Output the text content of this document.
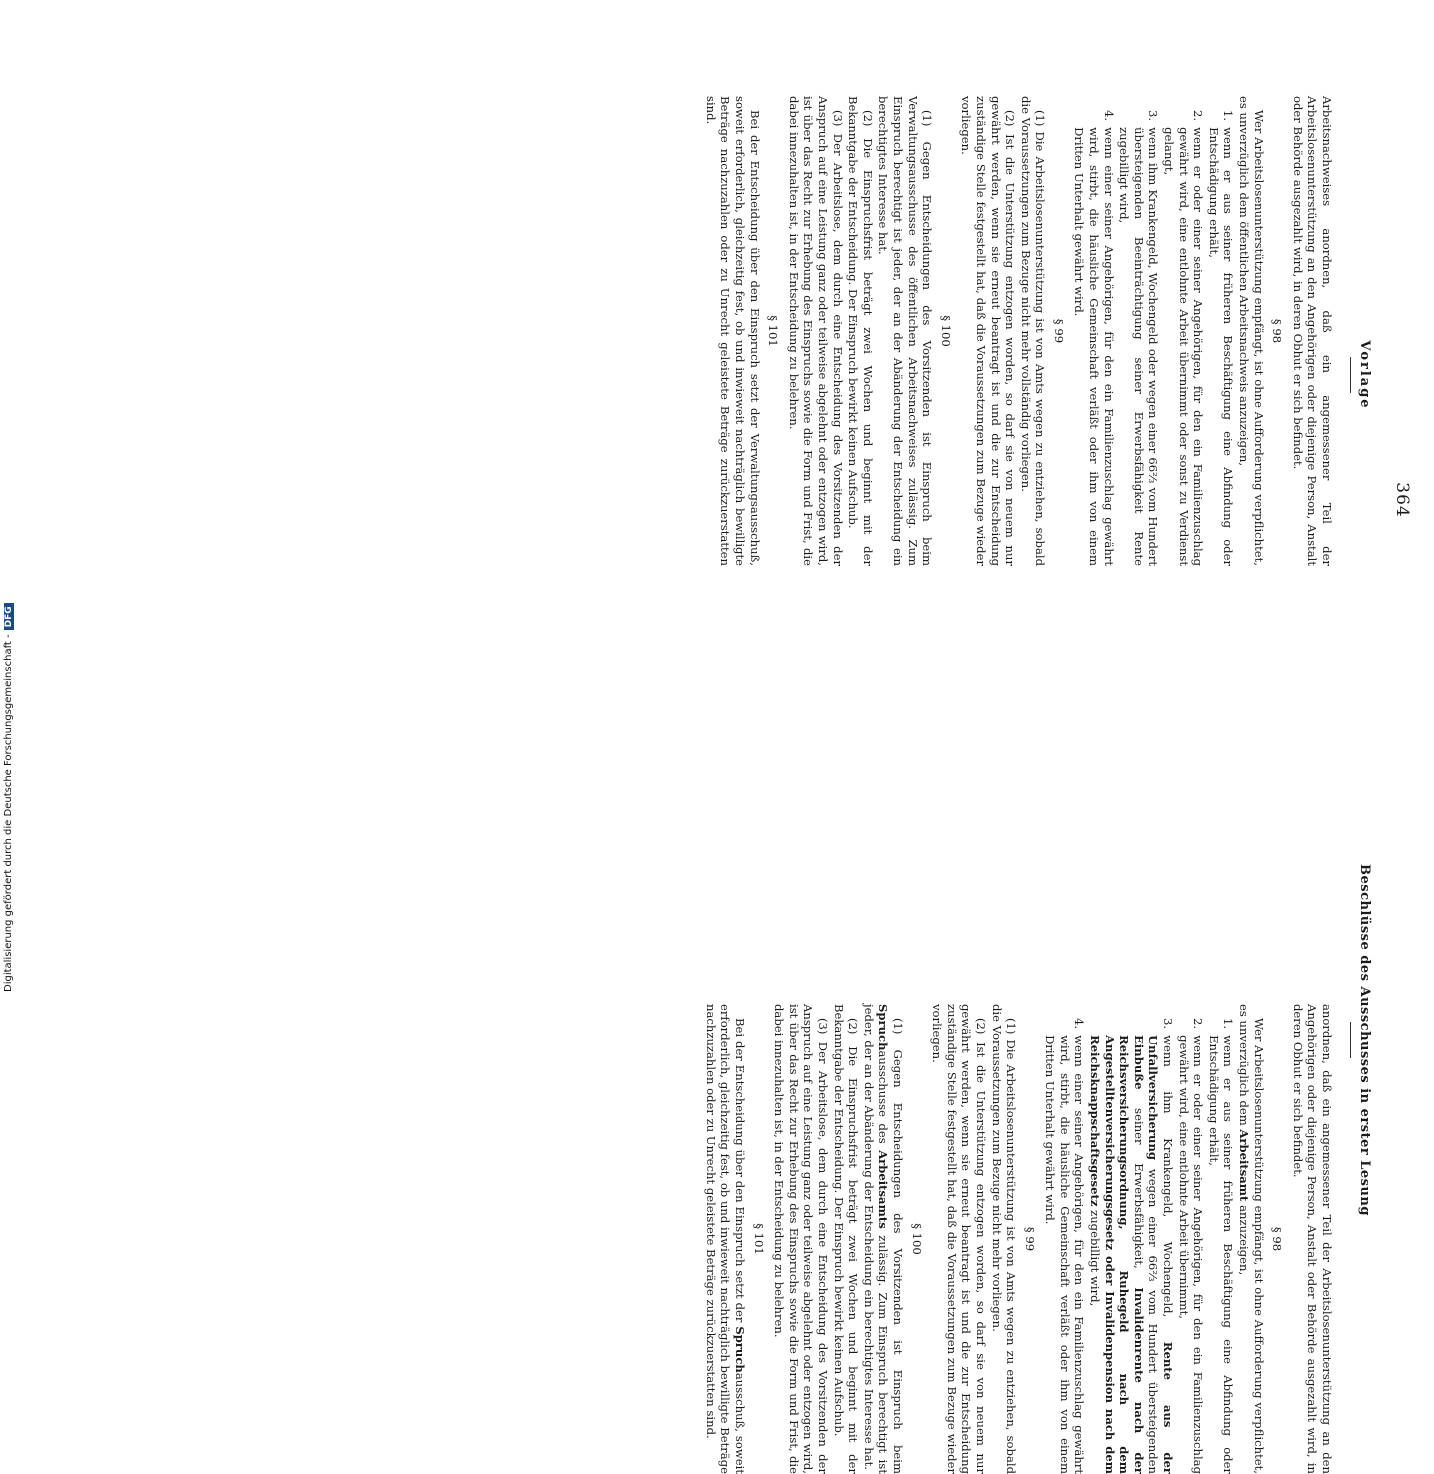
364
Vorlage
Beschlüsse des Ausschusses in erster Lesung

Arbeitsnachweises anordnen, daß ein angemessener Teil der Arbeitslosenunterstützung an den Angehörigen oder diejenige Person, Anstalt oder Behörde ausgezahlt wird, in deren Obhut er sich befindet.

§ 98

Wer Arbeitslosenunterstützung empfängt, ist ohne Aufforderung verpflichtet, es unverzüglich dem öffentlichen Arbeitsnachweis anzuzeigen,

1.
wenn er aus seiner früheren Beschäftigung eine Abfindung oder Entschädigung erhält,
2.
wenn er oder einer seiner Angehörigen, für den ein Familienzuschlag gewährt wird, eine entlohnte Arbeit übernimmt oder sonst zu Verdienst gelangt,
3.
wenn ihm Krankengeld, Wochengeld oder wegen einer 66⅔ vom Hundert übersteigenden Beeinträchtigung seiner Erwerbsfähigkeit Rente zugebilligt wird,
4.
wenn einer seiner Angehörigen, für den ein Familienzuschlag gewährt wird, stirbt, die häusliche Gemeinschaft verläßt oder ihm von einem Dritten Unterhalt gewährt wird.
§ 99

(1) Die Arbeitslosenunterstützung ist von Amts wegen zu entziehen, sobald die Voraussetzungen zum Bezuge nicht mehr vollständig vorliegen.

(2) Ist die Unterstützung entzogen worden, so darf sie von neuem nur gewährt werden, wenn sie erneut beantragt ist und die zur Entscheidung zuständige Stelle festgestellt hat, daß die Voraussetzungen zum Bezuge wieder vorliegen.

§ 100

(1) Gegen Entscheidungen des Vorsitzenden ist Einspruch beim Verwaltungsausschusse des öffentlichen Arbeitsnachweises zulässig. Zum Einspruch berechtigt ist jeder, der an der Abänderung der Entscheidung ein berechtigtes Interesse hat.

(2) Die Einspruchsfrist beträgt zwei Wochen und beginnt mit der Bekanntgabe der Entscheidung. Der Einspruch bewirkt keinen Aufschub.

(3) Der Arbeitslose, dem durch eine Entscheidung des Vorsitzenden der Anspruch auf eine Leistung ganz oder teilweise abgelehnt oder entzogen wird, ist über das Recht zur Erhebung des Einspruchs sowie die Form und Frist, die dabei innezuhalten ist, in der Entscheidung zu belehren.

§ 101

Bei der Entscheidung über den Einspruch setzt der Verwaltungsausschuß, soweit erforderlich, gleichzeitig fest, ob und inwieweit nachträglich bewilligte Beträge nachzuzahlen oder zu Unrecht geleistete Beträge zurückzuerstatten sind.

anordnen, daß ein angemessener Teil der Arbeitslosenunterstützung an den Angehörigen oder diejenige Person, Anstalt oder Behörde ausgezahlt wird, in deren Obhut er sich befindet.

§ 98

Wer Arbeitslosenunterstützung empfängt, ist ohne Aufforderung verpflichtet, es unverzüglich dem Arbeitsamt anzuzeigen,

1.
wenn er aus seiner früheren Beschäftigung eine Abfindung oder Entschädigung erhält,
2.
wenn er oder einer seiner Angehörigen, für den ein Familienzuschlag gewährt wird, eine entlohnte Arbeit übernimmt,
3.
wenn ihm Krankengeld, Wochengeld, Rente aus der Unfallversicherung wegen einer 66⅔ vom Hundert übersteigenden Einbuße seiner Erwerbsfähigkeit, Invalidenrente nach der Reichsversicherungsordnung, Ruhegeld nach dem Angestelltenversicherungsgesetz oder Invalidenpension nach dem Reichsknappschaftsgesetz zugebilligt wird,
4.
wenn einer seiner Angehörigen, für den ein Familienzuschlag gewährt wird, stirbt, die häusliche Gemeinschaft verläßt oder ihm von einem Dritten Unterhalt gewährt wird.
§ 99

(1) Die Arbeitslosenunterstützung ist von Amts wegen zu entziehen, sobald die Voraussetzungen zum Bezuge nicht mehr vorliegen.

(2) Ist die Unterstützung entzogen worden, so darf sie von neuem nur gewährt werden, wenn sie erneut beantragt ist und die zur Entscheidung zuständige Stelle festgestellt hat, daß die Voraussetzungen zum Bezuge wieder vorliegen.

§ 100

(1) Gegen Entscheidungen des Vorsitzenden ist Einspruch beim Spruchausschusse des Arbeitsamts zulässig. Zum Einspruch berechtigt ist jeder, der an der Abänderung der Entscheidung ein berechtigtes Interesse hat.

(2) Die Einspruchsfrist beträgt zwei Wochen und beginnt mit der Bekanntgabe der Entscheidung. Der Einspruch bewirkt keinen Aufschub.

(3) Der Arbeitslose, dem durch eine Entscheidung des Vorsitzenden der Anspruch auf eine Leistung ganz oder teilweise abgelehnt oder entzogen wird, ist über das Recht zur Erhebung des Einspruchs sowie die Form und Frist, die dabei innezuhalten ist, in der Entscheidung zu belehren.

§ 101

Bei der Entscheidung über den Einspruch setzt der Spruchausschuß, soweit erforderlich, gleichzeitig fest, ob und inwieweit nachträglich bewilligte Beträge nachzuzahlen oder zu Unrecht geleistete Beträge zurückzuerstatten sind.

Digitalisierung gefördert durch die Deutsche Forschungsgemeinschaft -DFG
